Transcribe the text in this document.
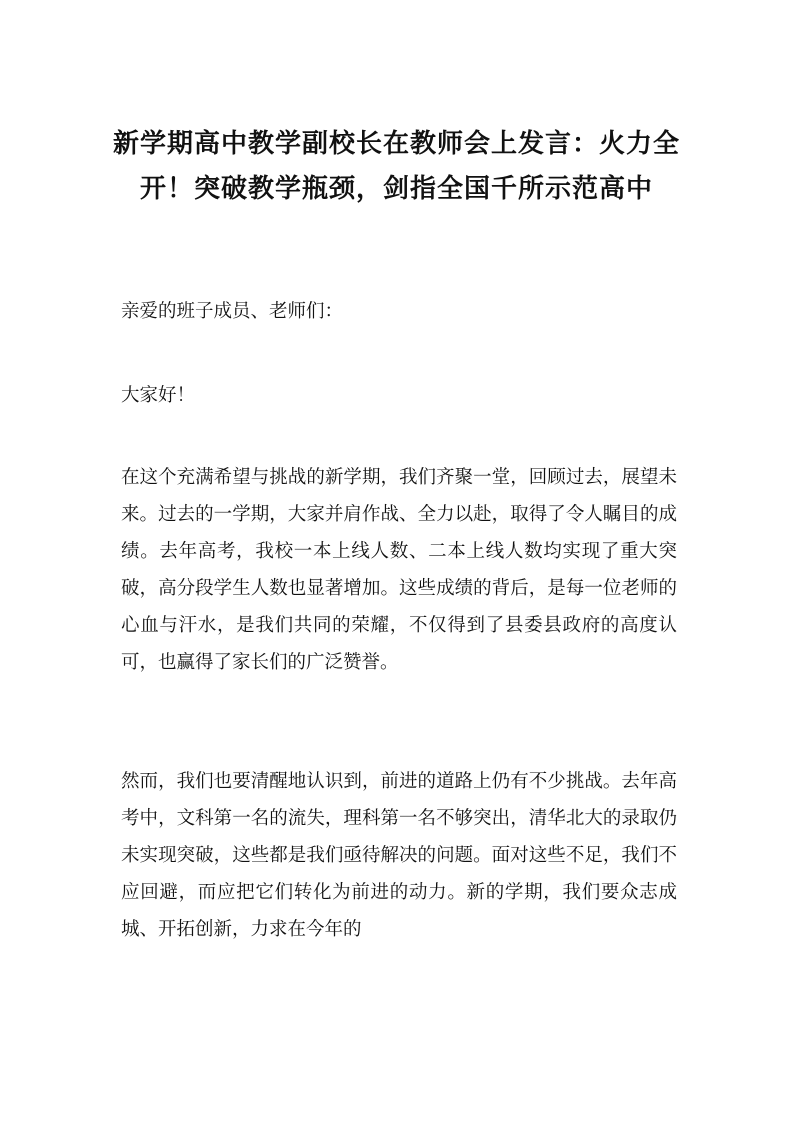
新学期高中教学副校长在教师会上发言：火力全开！突破教学瓶颈，剑指全国千所示范高中

亲爱的班子成员、老师们：

大家好！

在这个充满希望与挑战的新学期，我们齐聚一堂，回顾过去，展望未来。过去的一学期，大家并肩作战、全力以赴，取得了令人瞩目的成绩。去年高考，我校一本上线人数、二本上线人数均实现了重大突破，高分段学生人数也显著增加。这些成绩的背后，是每一位老师的心血与汗水，是我们共同的荣耀，不仅得到了县委县政府的高度认可，也赢得了家长们的广泛赞誉。

然而，我们也要清醒地认识到，前进的道路上仍有不少挑战。去年高考中，文科第一名的流失，理科第一名不够突出，清华北大的录取仍未实现突破，这些都是我们亟待解决的问题。面对这些不足，我们不应回避，而应把它们转化为前进的动力。新的学期，我们要众志成城、开拓创新，力求在今年的
